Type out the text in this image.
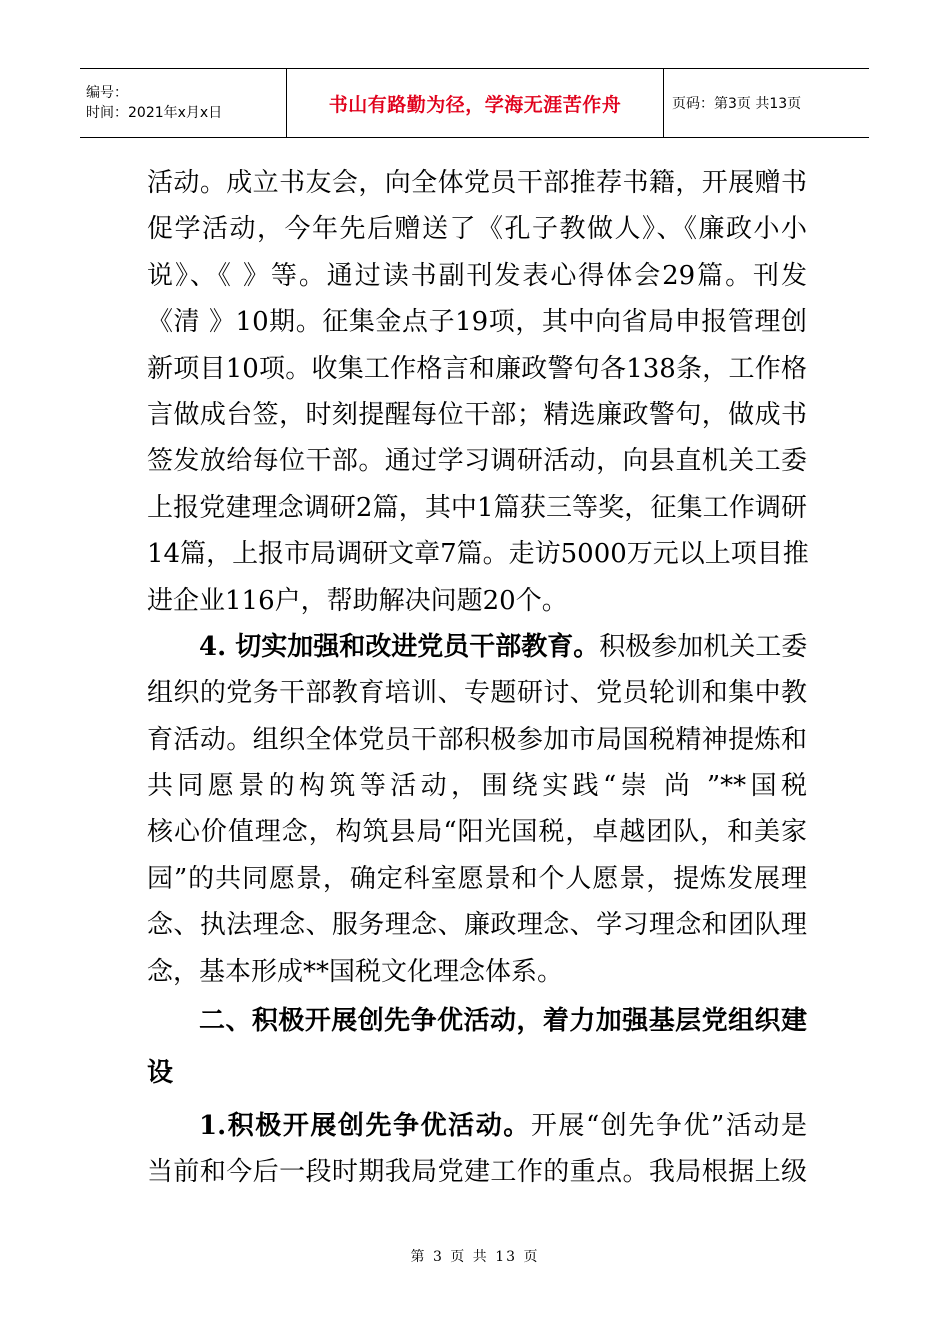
编号：
时间：2021年x月x日	书山有路勤为径，学海无涯苦作舟	页码：第3页 共13页
活动。成立书友会，向全体党员干部推荐书籍，开展赠书
促学活动，今年先后赠送了《孔子教做人》、《廉政小小
说》、《 》等。通过读书副刊发表心得体会29篇。刊发
《清 》10期。征集金点子19项，其中向省局申报管理创
新项目10项。收集工作格言和廉政警句各138条，工作格
言做成台签，时刻提醒每位干部；精选廉政警句，做成书
签发放给每位干部。通过学习调研活动，向县直机关工委
上报党建理念调研2篇，其中1篇获三等奖，征集工作调研
14篇，上报市局调研文章7篇。走访5000万元以上项目推
进企业116户，帮助解决问题20个。
4. 切实加强和改进党员干部教育。积极参加机关工委
组织的党务干部教育培训、专题研讨、党员轮训和集中教
育活动。组织全体党员干部积极参加市局国税精神提炼和
共同愿景的构筑等活动，围绕实践“崇 尚 ”**国税
核心价值理念，构筑县局“阳光国税，卓越团队，和美家
园”的共同愿景，确定科室愿景和个人愿景，提炼发展理
念、执法理念、服务理念、廉政理念、学习理念和团队理
念，基本形成**国税文化理念体系。
二、积极开展创先争优活动，着力加强基层党组织建
设
1.积极开展创先争优活动。开展“创先争优”活动是
当前和今后一段时期我局党建工作的重点。我局根据上级
第 3 页 共 13 页
